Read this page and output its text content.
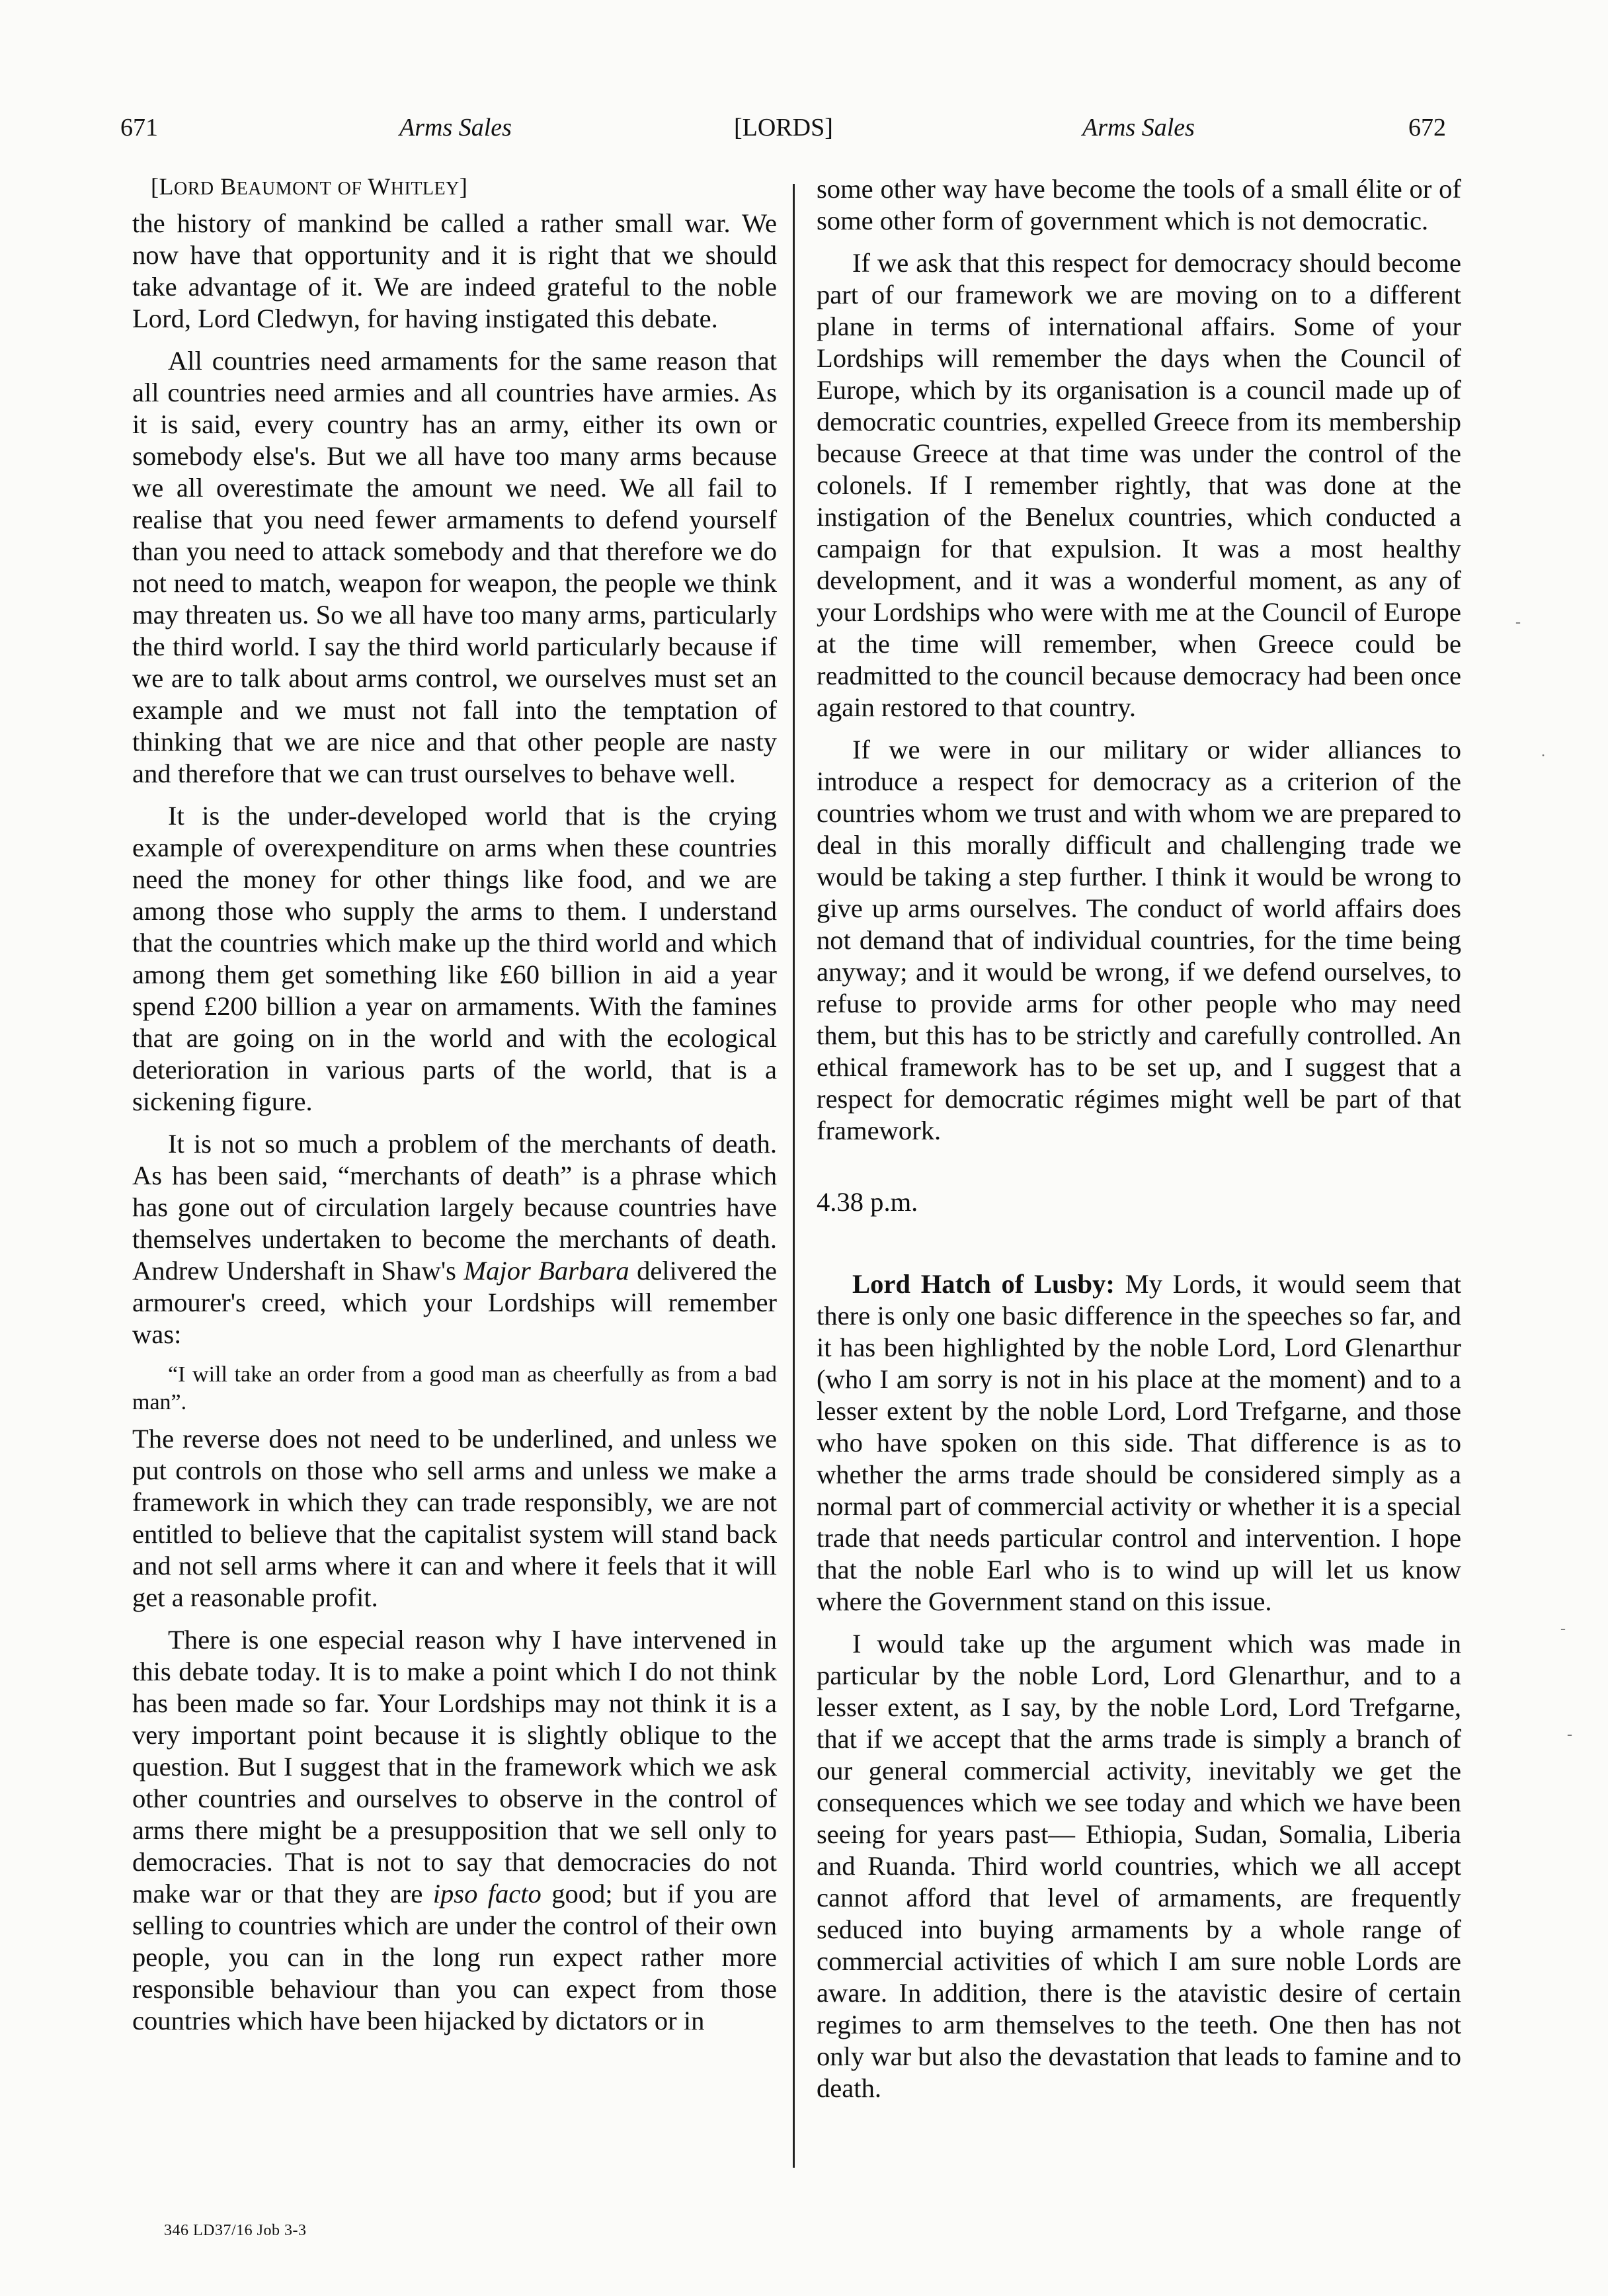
671	Arms Sales	[LORDS]	Arms Sales	672
[LORD BEAUMONT OF WHITLEY]

the history of mankind be called a rather small war. We now have that opportunity and it is right that we should take advantage of it. We are indeed grateful to the noble Lord, Lord Cledwyn, for having instigated this debate.

All countries need armaments for the same reason that all countries need armies and all countries have armies. As it is said, every country has an army, either its own or somebody else's. But we all have too many arms because we all overestimate the amount we need. We all fail to realise that you need fewer armaments to defend yourself than you need to attack somebody and that therefore we do not need to match, weapon for weapon, the people we think may threaten us. So we all have too many arms, particularly the third world. I say the third world particularly because if we are to talk about arms control, we ourselves must set an example and we must not fall into the temptation of thinking that we are nice and that other people are nasty and therefore that we can trust ourselves to behave well.

It is the under-developed world that is the crying example of overexpenditure on arms when these countries need the money for other things like food, and we are among those who supply the arms to them. I understand that the countries which make up the third world and which among them get something like £60 billion in aid a year spend £200 billion a year on armaments. With the famines that are going on in the world and with the ecological deterioration in various parts of the world, that is a sickening figure.

It is not so much a problem of the merchants of death. As has been said, “merchants of death” is a phrase which has gone out of circulation largely because countries have themselves undertaken to become the merchants of death. Andrew Undershaft in Shaw's Major Barbara delivered the armourer's creed, which your Lordships will remember was:

“I will take an order from a good man as cheerfully as from a bad man”.

The reverse does not need to be underlined, and unless we put controls on those who sell arms and unless we make a framework in which they can trade responsibly, we are not entitled to believe that the capitalist system will stand back and not sell arms where it can and where it feels that it will get a reasonable profit.

There is one especial reason why I have intervened in this debate today. It is to make a point which I do not think has been made so far. Your Lordships may not think it is a very important point because it is slightly oblique to the question. But I suggest that in the framework which we ask other countries and ourselves to observe in the control of arms there might be a presupposition that we sell only to democracies. That is not to say that democracies do not make war or that they are ipso facto good; but if you are selling to countries which are under the control of their own people, you can in the long run expect rather more responsible behaviour than you can expect from those countries which have been hijacked by dictators or in

some other way have become the tools of a small élite or of some other form of government which is not democratic.

If we ask that this respect for democracy should become part of our framework we are moving on to a different plane in terms of international affairs. Some of your Lordships will remember the days when the Council of Europe, which by its organisation is a council made up of democratic countries, expelled Greece from its membership because Greece at that time was under the control of the colonels. If I remember rightly, that was done at the instigation of the Benelux countries, which conducted a campaign for that expulsion. It was a most healthy development, and it was a wonderful moment, as any of your Lordships who were with me at the Council of Europe at the time will remember, when Greece could be readmitted to the council because democracy had been once again restored to that country.

If we were in our military or wider alliances to introduce a respect for democracy as a criterion of the countries whom we trust and with whom we are prepared to deal in this morally difficult and challenging trade we would be taking a step further. I think it would be wrong to give up arms ourselves. The conduct of world affairs does not demand that of individual countries, for the time being anyway; and it would be wrong, if we defend ourselves, to refuse to provide arms for other people who may need them, but this has to be strictly and carefully controlled. An ethical framework has to be set up, and I suggest that a respect for democratic régimes might well be part of that framework.

4.38 p.m.

Lord Hatch of Lusby: My Lords, it would seem that there is only one basic difference in the speeches so far, and it has been highlighted by the noble Lord, Lord Glenarthur (who I am sorry is not in his place at the moment) and to a lesser extent by the noble Lord, Lord Trefgarne, and those who have spoken on this side. That difference is as to whether the arms trade should be considered simply as a normal part of commercial activity or whether it is a special trade that needs particular control and intervention. I hope that the noble Earl who is to wind up will let us know where the Government stand on this issue.

I would take up the argument which was made in particular by the noble Lord, Lord Glenarthur, and to a lesser extent, as I say, by the noble Lord, Lord Trefgarne, that if we accept that the arms trade is simply a branch of our general commercial activity, inevitably we get the consequences which we see today and which we have been seeing for years past— Ethiopia, Sudan, Somalia, Liberia and Ruanda. Third world countries, which we all accept cannot afford that level of armaments, are frequently seduced into buying armaments by a whole range of commercial activities of which I am sure noble Lords are aware. In addition, there is the atavistic desire of certain regimes to arm themselves to the teeth. One then has not only war but also the devastation that leads to famine and to death.

-
·
-
-
346 LD37/16 Job 3-3
